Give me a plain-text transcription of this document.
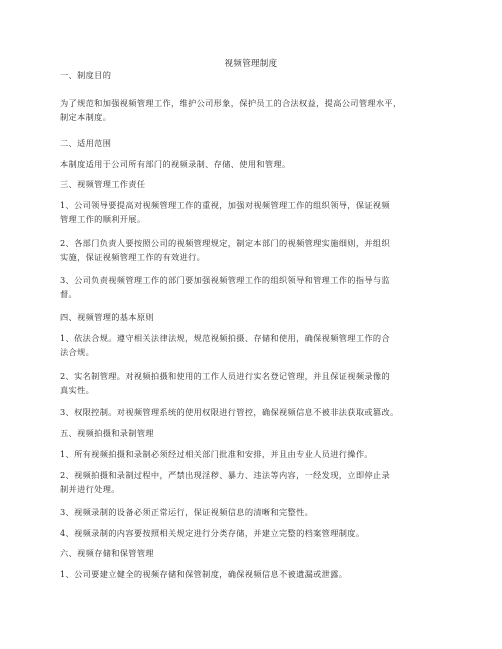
视频管理制度
一、制度目的
为了规范和加强视频管理工作，维护公司形象，保护员工的合法权益，提高公司管理水平，
制定本制度。
二、适用范围
本制度适用于公司所有部门的视频录制、存储、使用和管理。
三、视频管理工作责任
1、公司领导要提高对视频管理工作的重视，加强对视频管理工作的组织领导，保证视频
管理工作的顺利开展。
2、各部门负责人要按照公司的视频管理规定，制定本部门的视频管理实施细则，并组织
实施，保证视频管理工作的有效进行。
3、公司负责视频管理工作的部门要加强视频管理工作的组织领导和管理工作的指导与监
督。
四、视频管理的基本原则
1、依法合规。遵守相关法律法规，规范视频拍摄、存储和使用，确保视频管理工作的合
法合规。
2、实名制管理。对视频拍摄和使用的工作人员进行实名登记管理，并且保证视频录像的
真实性。
3、权限控制。对视频管理系统的使用权限进行管控，确保视频信息不被非法获取或篡改。
五、视频拍摄和录制管理
1、所有视频拍摄和录制必须经过相关部门批准和安排，并且由专业人员进行操作。
2、视频拍摄和录制过程中，严禁出现淫秽、暴力、违法等内容，一经发现，立即停止录
制并进行处理。
3、视频录制的设备必须正常运行，保证视频信息的清晰和完整性。
4、视频录制的内容要按照相关规定进行分类存储，并建立完整的档案管理制度。
六、视频存储和保管管理
1、公司要建立健全的视频存储和保管制度，确保视频信息不被遗漏或泄露。
